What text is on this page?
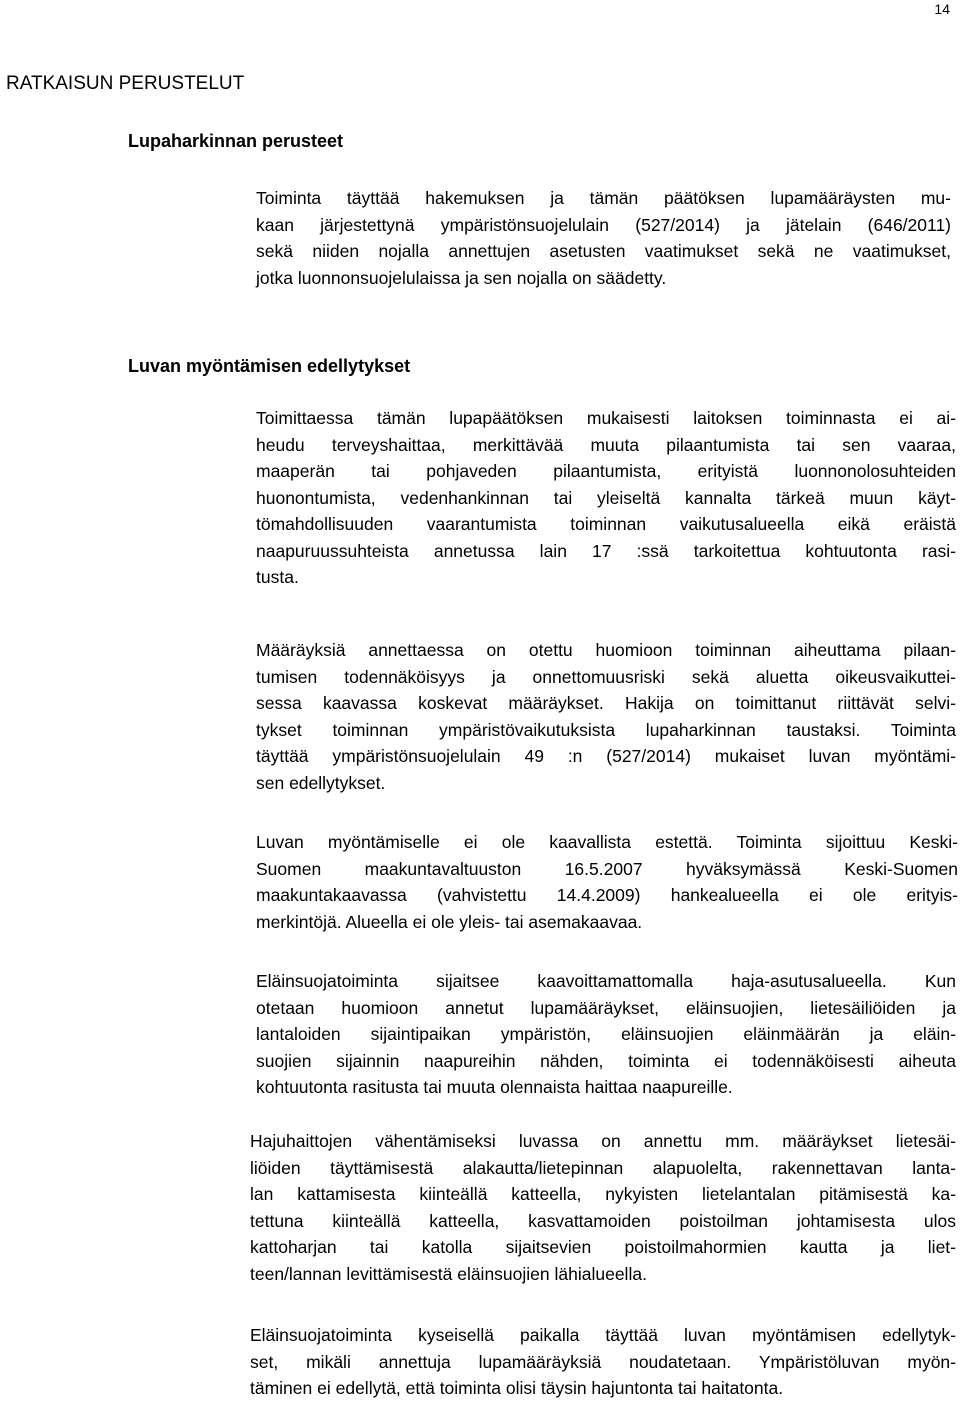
14
RATKAISUN PERUSTELUT
Lupaharkinnan perusteet
Toiminta täyttää hakemuksen ja tämän päätöksen lupamääräysten mu-
kaan järjestettynä ympäristönsuojelulain (527/2014) ja jätelain (646/2011)
sekä niiden nojalla annettujen asetusten vaatimukset sekä ne vaatimukset,
jotka luonnonsuojelulaissa ja sen nojalla on säädetty.
Luvan myöntämisen edellytykset
Toimittaessa tämän lupapäätöksen mukaisesti laitoksen toiminnasta ei ai-
heudu terveyshaittaa, merkittävää muuta pilaantumista tai sen vaaraa,
maaperän tai pohjaveden pilaantumista, erityistä luonnonolosuhteiden
huonontumista, vedenhankinnan tai yleiseltä kannalta tärkeä muun käyt-
tömahdollisuuden vaarantumista toiminnan vaikutusalueella eikä eräistä
naapuruussuhteista annetussa lain 17 :ssä tarkoitettua kohtuutonta rasi-
tusta.
Määräyksiä annettaessa on otettu huomioon toiminnan aiheuttama pilaan-
tumisen todennäköisyys ja onnettomuusriski sekä aluetta oikeusvaikuttei-
sessa kaavassa koskevat määräykset. Hakija on toimittanut riittävät selvi-
tykset toiminnan ympäristövaikutuksista lupaharkinnan taustaksi. Toiminta
täyttää ympäristönsuojelulain 49 :n (527/2014) mukaiset luvan myöntämi-
sen edellytykset.
Luvan myöntämiselle ei ole kaavallista estettä. Toiminta sijoittuu Keski-
Suomen maakuntavaltuuston 16.5.2007 hyväksymässä Keski-Suomen
maakuntakaavassa (vahvistettu 14.4.2009) hankealueella ei ole erityis-
merkintöjä. Alueella ei ole yleis- tai asemakaavaa.
Eläinsuojatoiminta sijaitsee kaavoittamattomalla haja-asutusalueella. Kun
otetaan huomioon annetut lupamääräykset, eläinsuojien, lietesäiliöiden ja
lantaloiden sijaintipaikan ympäristön, eläinsuojien eläinmäärän ja eläin-
suojien sijainnin naapureihin nähden, toiminta ei todennäköisesti aiheuta
kohtuutonta rasitusta tai muuta olennaista haittaa naapureille.
Hajuhaittojen vähentämiseksi luvassa on annettu mm. määräykset lietesäi-
liöiden täyttämisestä alakautta/lietepinnan alapuolelta, rakennettavan lanta-
lan kattamisesta kiinteällä katteella, nykyisten lietelantalan pitämisestä ka-
tettuna kiinteällä katteella, kasvattamoiden poistoilman johtamisesta ulos
kattoharjan tai katolla sijaitsevien poistoilmahormien kautta ja liet-
teen/lannan levittämisestä eläinsuojien lähialueella.
Eläinsuojatoiminta kyseisellä paikalla täyttää luvan myöntämisen edellytyk-
set, mikäli annettuja lupamääräyksiä noudatetaan. Ympäristöluvan myön-
täminen ei edellytä, että toiminta olisi täysin hajuntonta tai haitatonta.
